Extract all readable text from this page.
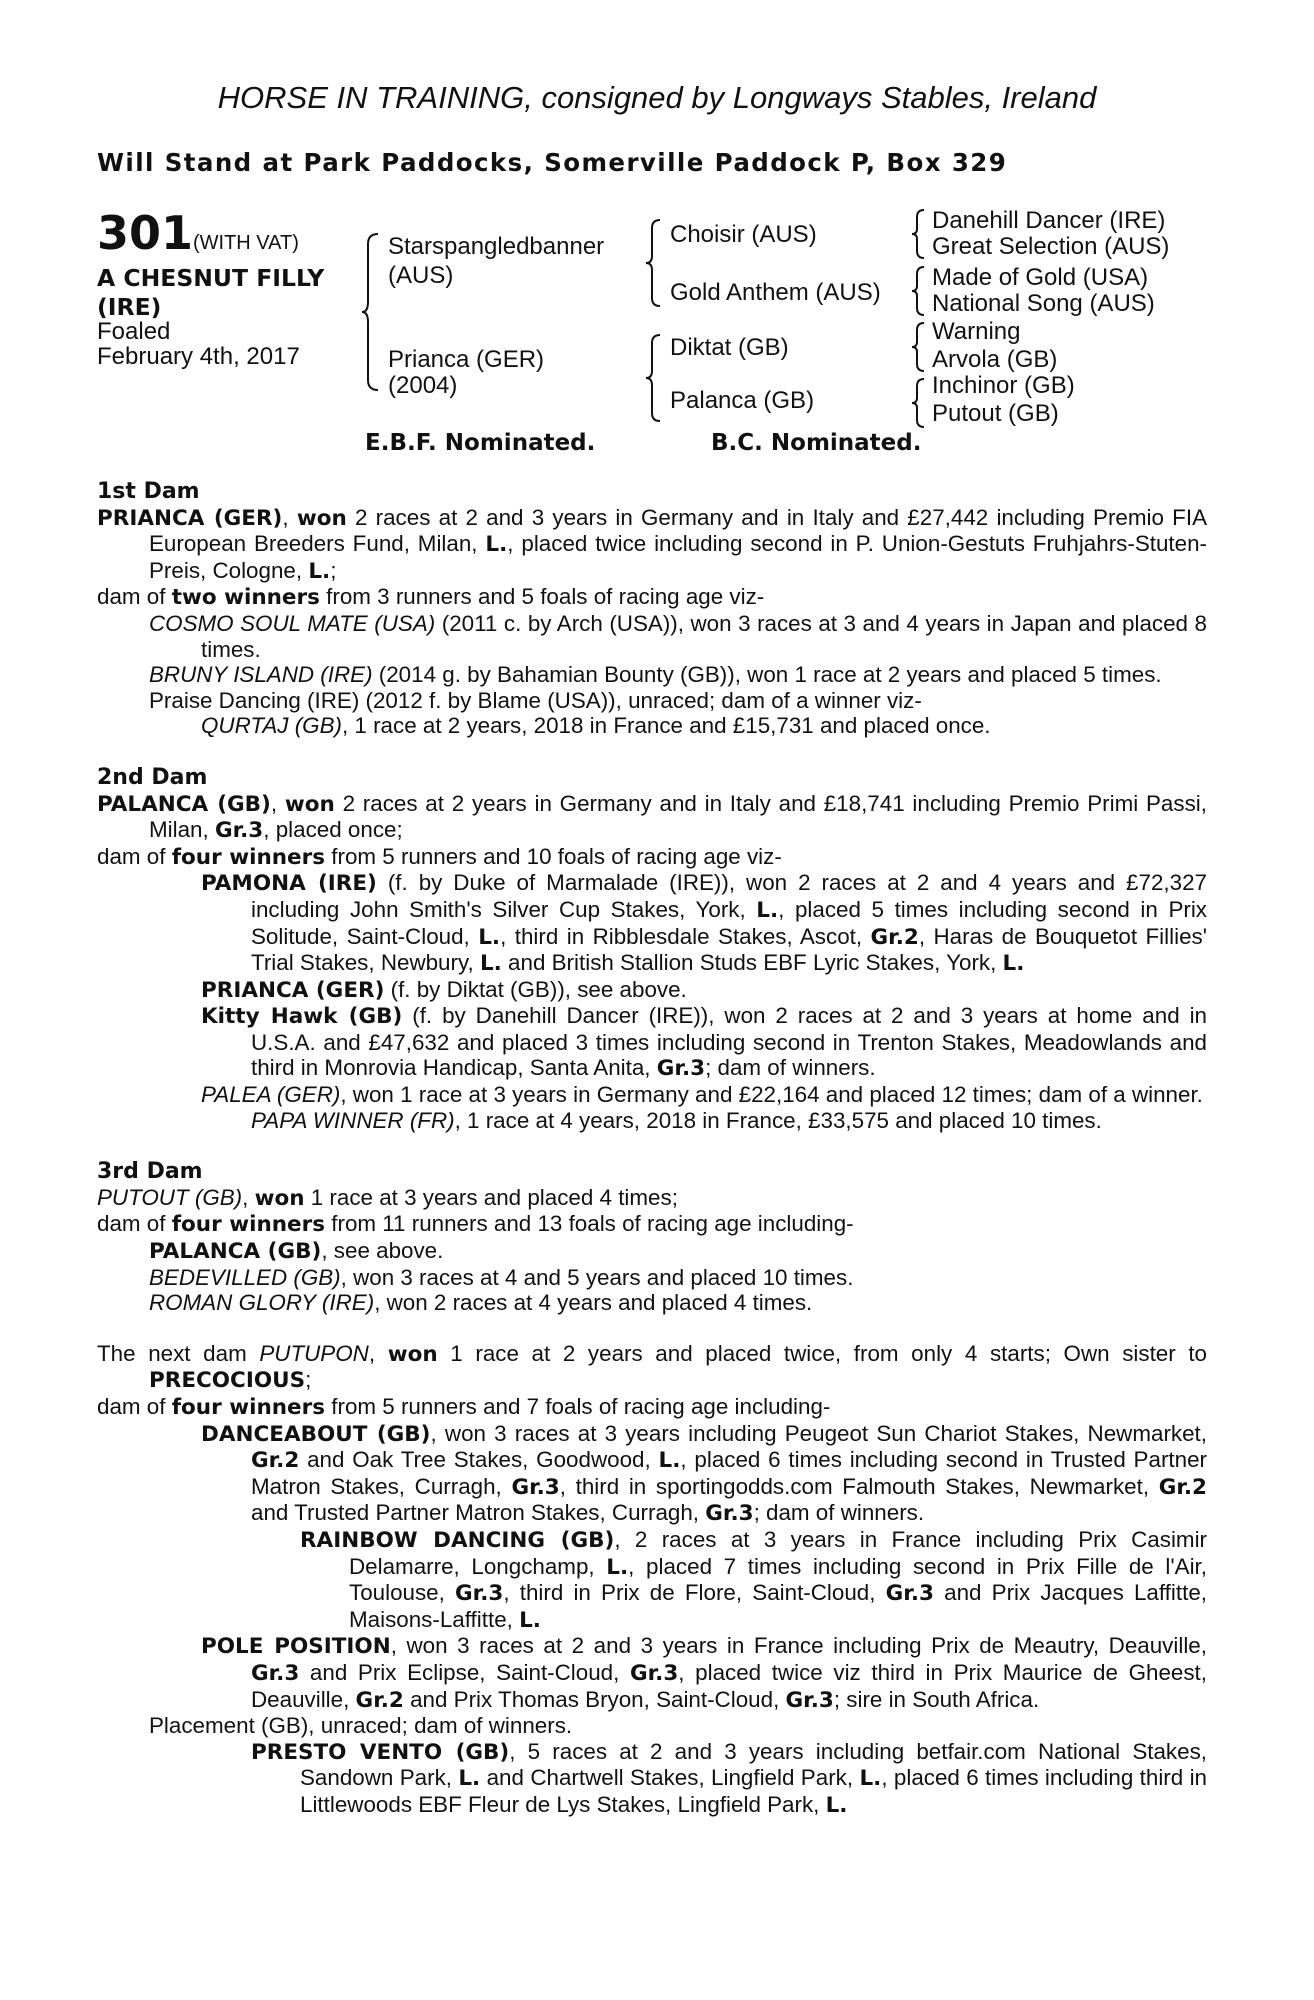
HORSE IN TRAINING, consigned by Longways Stables, Ireland
Will Stand at Park Paddocks, Somerville Paddock P, Box 329
301 (WITH VAT)
A CHESNUT FILLY
(IRE)
Foaled
February 4th, 2017
Starspangledbanner
(AUS)
Prianca (GER)
(2004)
Choisir (AUS)
Gold Anthem (AUS)
Diktat (GB)
Palanca (GB)
Danehill Dancer (IRE)
Great Selection (AUS)
Made of Gold (USA)
National Song (AUS)
Warning
Arvola (GB)
Inchinor (GB)
Putout (GB)
E.B.F. Nominated.	B.C. Nominated.

1st Dam

PRIANCA (GER), won 2 races at 2 and 3 years in Germany and in Italy and £27,442 including Premio FIA European Breeders Fund, Milan, L., placed twice including second in P. Union-Gestuts Fruhjahrs-Stuten-Preis, Cologne, L.;

dam of two winners from 3 runners and 5 foals of racing age viz-

COSMO SOUL MATE (USA) (2011 c. by Arch (USA)), won 3 races at 3 and 4 years in Japan and placed 8 times.

BRUNY ISLAND (IRE) (2014 g. by Bahamian Bounty (GB)), won 1 race at 2 years and placed 5 times.

Praise Dancing (IRE) (2012 f. by Blame (USA)), unraced; dam of a winner viz-

QURTAJ (GB), 1 race at 2 years, 2018 in France and £15,731 and placed once.

2nd Dam

PALANCA (GB), won 2 races at 2 years in Germany and in Italy and £18,741 including Premio Primi Passi, Milan, Gr.3, placed once;

dam of four winners from 5 runners and 10 foals of racing age viz-

PAMONA (IRE) (f. by Duke of Marmalade (IRE)), won 2 races at 2 and 4 years and £72,327 including John Smith's Silver Cup Stakes, York, L., placed 5 times including second in Prix Solitude, Saint-Cloud, L., third in Ribblesdale Stakes, Ascot, Gr.2, Haras de Bouquetot Fillies' Trial Stakes, Newbury, L. and British Stallion Studs EBF Lyric Stakes, York, L.

PRIANCA (GER) (f. by Diktat (GB)), see above.

Kitty Hawk (GB) (f. by Danehill Dancer (IRE)), won 2 races at 2 and 3 years at home and in U.S.A. and £47,632 and placed 3 times including second in Trenton Stakes, Meadowlands and third in Monrovia Handicap, Santa Anita, Gr.3; dam of winners.

PALEA (GER), won 1 race at 3 years in Germany and £22,164 and placed 12 times; dam of a winner.

PAPA WINNER (FR), 1 race at 4 years, 2018 in France, £33,575 and placed 10 times.

3rd Dam

PUTOUT (GB), won 1 race at 3 years and placed 4 times;

dam of four winners from 11 runners and 13 foals of racing age including-

PALANCA (GB), see above.

BEDEVILLED (GB), won 3 races at 4 and 5 years and placed 10 times.

ROMAN GLORY (IRE), won 2 races at 4 years and placed 4 times.

The next dam PUTUPON, won 1 race at 2 years and placed twice, from only 4 starts; Own sister to PRECOCIOUS;

dam of four winners from 5 runners and 7 foals of racing age including-

DANCEABOUT (GB), won 3 races at 3 years including Peugeot Sun Chariot Stakes, Newmarket, Gr.2 and Oak Tree Stakes, Goodwood, L., placed 6 times including second in Trusted Partner Matron Stakes, Curragh, Gr.3, third in sportingodds.com Falmouth Stakes, Newmarket, Gr.2 and Trusted Partner Matron Stakes, Curragh, Gr.3; dam of winners.

RAINBOW DANCING (GB), 2 races at 3 years in France including Prix Casimir Delamarre, Longchamp, L., placed 7 times including second in Prix Fille de l'Air, Toulouse, Gr.3, third in Prix de Flore, Saint-Cloud, Gr.3 and Prix Jacques Laffitte, Maisons-Laffitte, L.

POLE POSITION, won 3 races at 2 and 3 years in France including Prix de Meautry, Deauville, Gr.3 and Prix Eclipse, Saint-Cloud, Gr.3, placed twice viz third in Prix Maurice de Gheest, Deauville, Gr.2 and Prix Thomas Bryon, Saint-Cloud, Gr.3; sire in South Africa.

Placement (GB), unraced; dam of winners.

PRESTO VENTO (GB), 5 races at 2 and 3 years including betfair.com National Stakes, Sandown Park, L. and Chartwell Stakes, Lingfield Park, L., placed 6 times including third in Littlewoods EBF Fleur de Lys Stakes, Lingfield Park, L.
